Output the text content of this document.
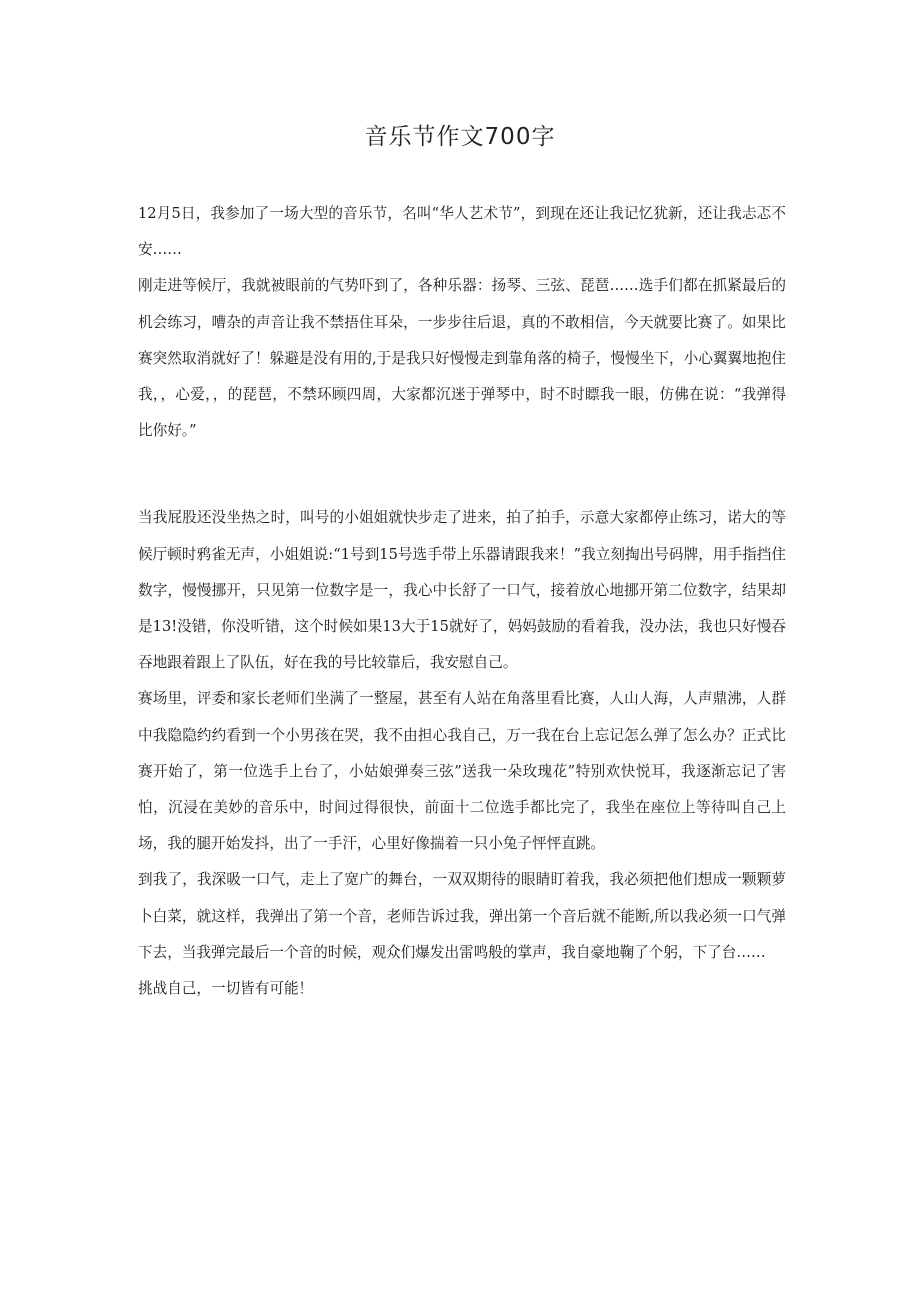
音乐节作文700字

12月5日，我参加了一场大型的音乐节，名叫“华人艺术节”，到现在还让我记忆犹新，还让我忐忑不安……

刚走进等候厅，我就被眼前的气势吓到了，各种乐器：扬琴、三弦、琵琶……选手们都在抓紧最后的机会练习，嘈杂的声音让我不禁捂住耳朵，一步步往后退，真的不敢相信，今天就要比赛了。如果比赛突然取消就好了！躲避是没有用的,于是我只好慢慢走到靠角落的椅子，慢慢坐下，小心翼翼地抱住我，，心爱，，的琵琶，不禁环顾四周，大家都沉迷于弹琴中，时不时瞟我一眼，仿佛在说：“我弹得比你好。”

当我屁股还没坐热之时，叫号的小姐姐就快步走了进来，拍了拍手，示意大家都停止练习，诺大的等候厅顿时鸦雀无声，小姐姐说:“1号到15号选手带上乐器请跟我来！”我立刻掏出号码牌，用手指挡住数字，慢慢挪开，只见第一位数字是一，我心中长舒了一口气，接着放心地挪开第二位数字，结果却是13!没错，你没听错，这个时候如果13大于15就好了，妈妈鼓励的看着我，没办法，我也只好慢吞吞地跟着跟上了队伍，好在我的号比较靠后，我安慰自己。

赛场里，评委和家长老师们坐满了一整屋，甚至有人站在角落里看比赛，人山人海，人声鼎沸，人群中我隐隐约约看到一个小男孩在哭，我不由担心我自己，万一我在台上忘记怎么弹了怎么办？正式比赛开始了，第一位选手上台了，小姑娘弹奏三弦”送我一朵玫瑰花”特别欢快悦耳，我逐渐忘记了害怕，沉浸在美妙的音乐中，时间过得很快，前面十二位选手都比完了，我坐在座位上等待叫自己上场，我的腿开始发抖，出了一手汗，心里好像揣着一只小兔子怦怦直跳。

到我了，我深吸一口气，走上了宽广的舞台，一双双期待的眼睛盯着我，我必须把他们想成一颗颗萝卜白菜，就这样，我弹出了第一个音，老师告诉过我，弹出第一个音后就不能断,所以我必须一口气弹下去，当我弹完最后一个音的时候，观众们爆发出雷鸣般的掌声，我自豪地鞠了个躬，下了台……

挑战自己，一切皆有可能！
